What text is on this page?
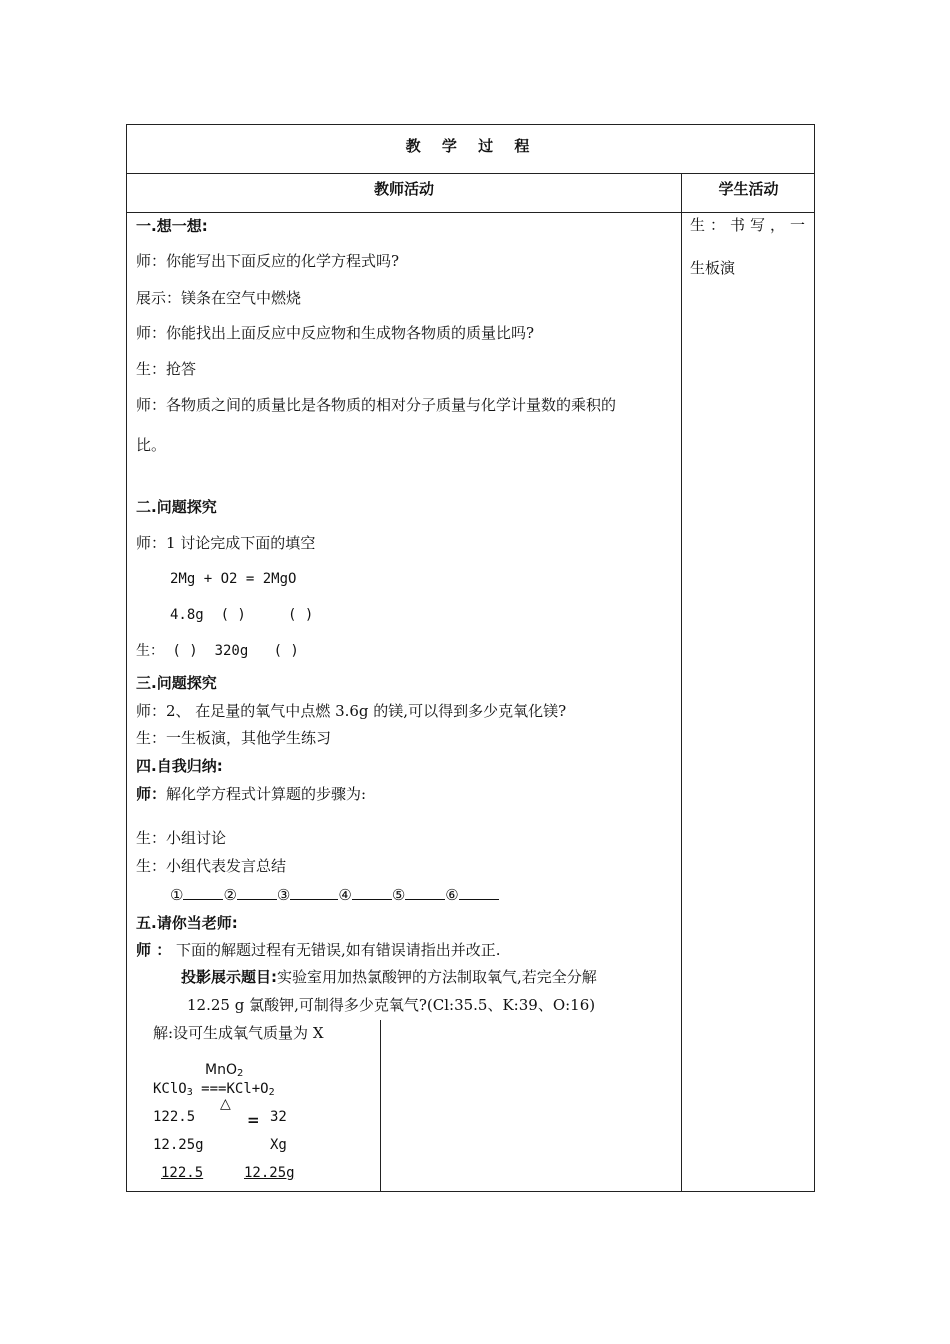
教 学 过 程
教师活动	学生活动
生：书写，一
生板演
一.想一想:
师：你能写出下面反应的化学方程式吗?
展示：镁条在空气中燃烧
师：你能找出上面反应中反应物和生成物各物质的质量比吗?
生：抢答
师：各物质之间的质量比是各物质的相对分子质量与化学计量数的乘积的
比。
二.问题探究
师：1 讨论完成下面的填空
2Mg + O2 = 2MgO
4.8g  ( )     ( )
生： ( )  320g   ( )
三.问题探究
师：2、 在足量的氧气中点燃 3.6g 的镁,可以得到多少克氧化镁?
生：一生板演，其他学生练习
四.自我归纳:
师：解化学方程式计算题的步骤为:
生：小组讨论
生：小组代表发言总结
①	②	③	④	⑤	⑥
五.请你当老师:
师 ： 下面的解题过程有无错误,如有错误请指出并改正.
投影展示题目:实验室用加热氯酸钾的方法制取氧气,若完全分解
12.25 g 氯酸钾,可制得多少克氧气?(Cl:35.5、K:39、O:16)
解:设可生成氧气质量为 X
MnO$_2$
KClO$_3$ $===KCl+O_2$
△
122.5	= 32
12.25g	Xg
122.5	12.25g
